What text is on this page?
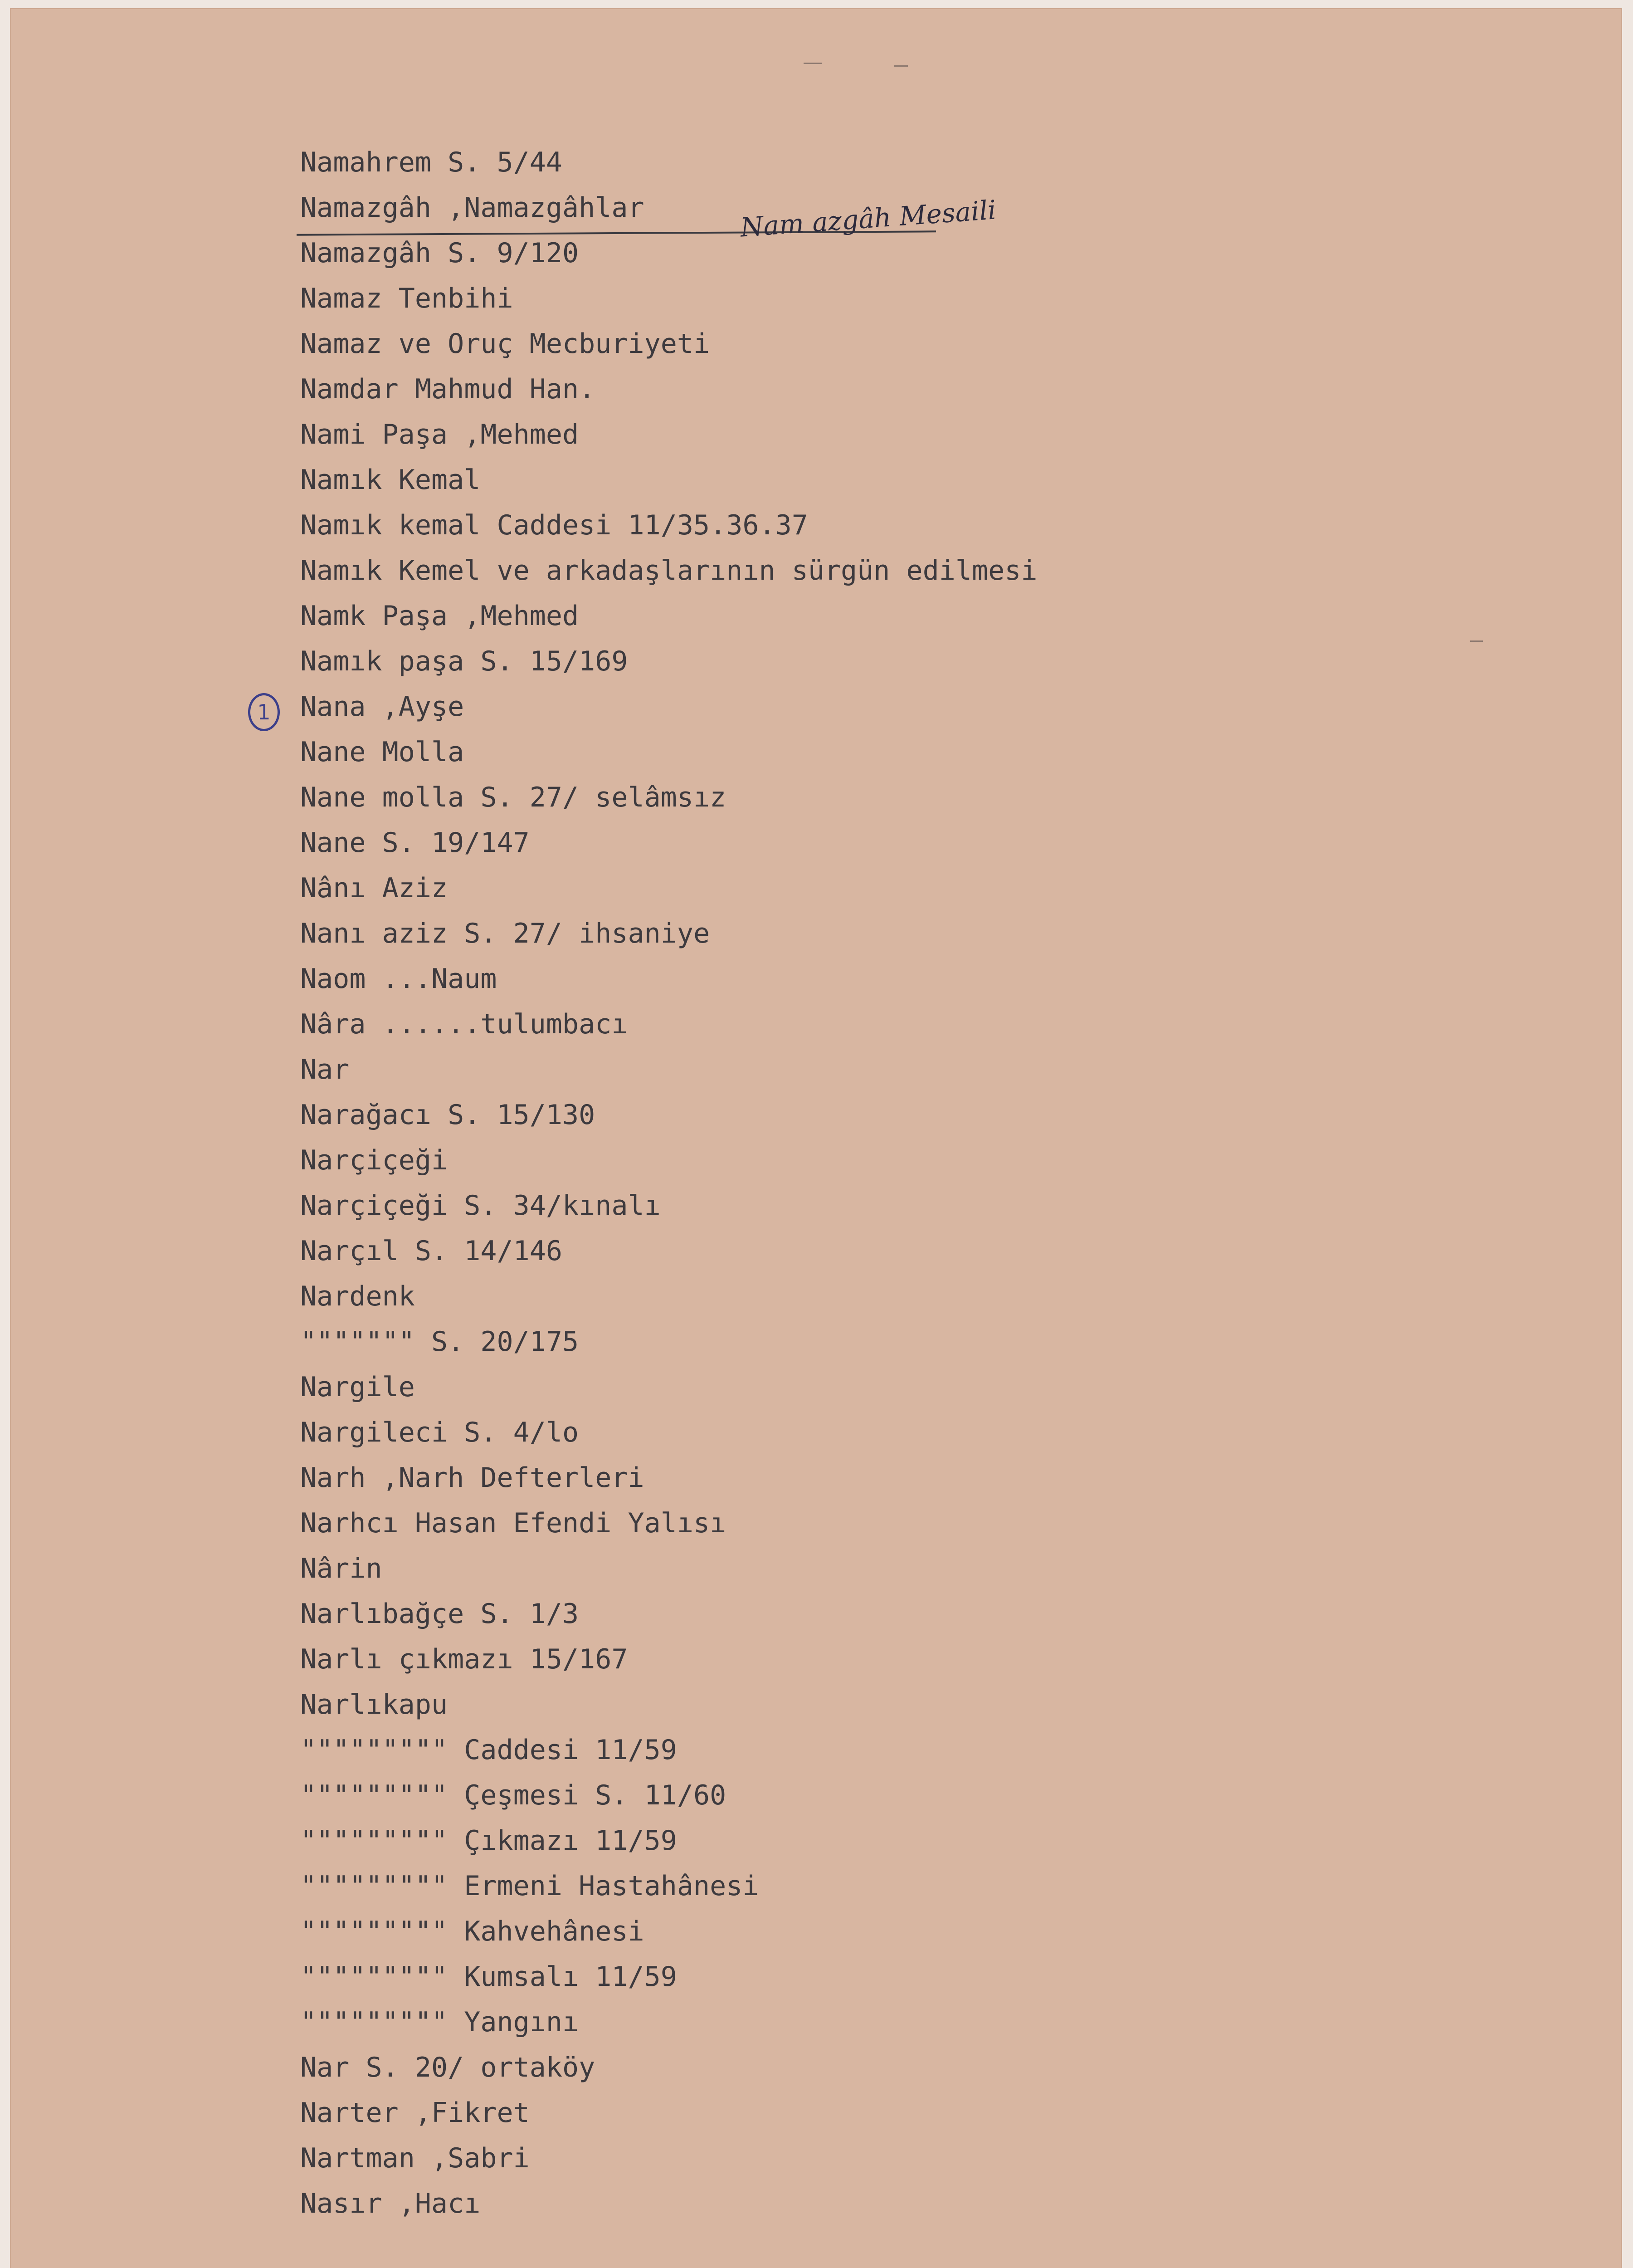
Namahrem S. 5/44
Namazgâh ,Namazgâhlar
Namazgâh S. 9/120
Namaz Tenbihi
Namaz ve Oruç Mecburiyeti
Namdar Mahmud Han.
Nami Paşa ,Mehmed
Namık Kemal
Namık kemal Caddesi 11/35.36.37
Namık Kemel ve arkadaşlarının sürgün edilmesi
Namk Paşa ,Mehmed
Namık paşa S. 15/169
Nana ,Ayşe
Nane Molla
Nane molla S. 27/ selâmsız
Nane S. 19/147
Nânı Aziz
Nanı aziz S. 27/ ihsaniye
Naom ...Naum
Nâra ......tulumbacı
Nar
Narağacı S. 15/130
Narçiçeği
Narçiçeği S. 34/kınalı
Narçıl S. 14/146
Nardenk
""""""" S. 20/175
Nargile
Nargileci S. 4/lo
Narh ,Narh Defterleri
Narhcı Hasan Efendi Yalısı
Nârin
Narlıbağçe S. 1/3
Narlı çıkmazı 15/167
Narlıkapu
""""""""" Caddesi 11/59
""""""""" Çeşmesi S. 11/60
""""""""" Çıkmazı 11/59
""""""""" Ermeni Hastahânesi
""""""""" Kahvehânesi
""""""""" Kumsalı 11/59
""""""""" Yangını
Nar S. 20/ ortaköy
Narter ,Fikret
Nartman ,Sabri
Nasır ,Hacı
Nam azgâh Mesaili
1
